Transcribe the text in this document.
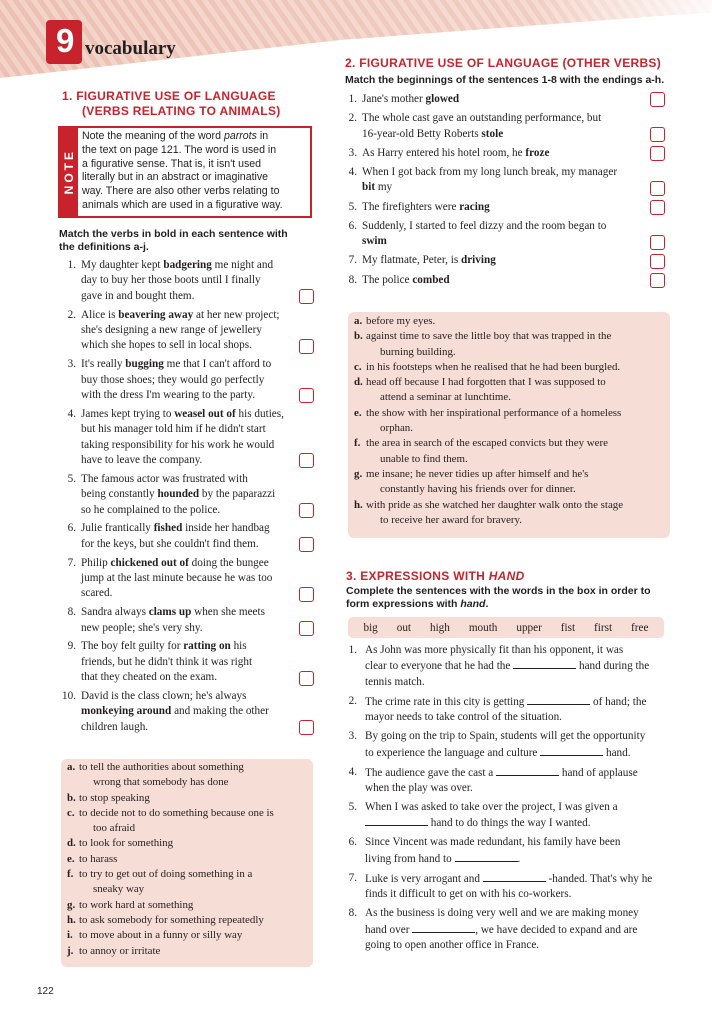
9 vocabulary
1. FIGURATIVE USE OF LANGUAGE
(VERBS RELATING TO ANIMALS)
NOTE
Note the meaning of the word parrots in
the text on page 121. The word is used in
a figurative sense. That is, it isn't used
literally but in an abstract or imaginative
way. There are also other verbs relating to
animals which are used in a figurative way.
Match the verbs in bold in each sentence with
the definitions a-j.
1. My daughter kept badgering me night and
day to buy her those boots until I finally
gave in and bought them.
2. Alice is beavering away at her new project;
she's designing a new range of jewellery
which she hopes to sell in local shops.
3. It's really bugging me that I can't afford to
buy those shoes; they would go perfectly
with the dress I'm wearing to the party.
4. James kept trying to weasel out of his duties,
but his manager told him if he didn't start
taking responsibility for his work he would
have to leave the company.
5. The famous actor was frustrated with
being constantly hounded by the paparazzi
so he complained to the police.
6. Julie frantically fished inside her handbag
for the keys, but she couldn't find them.
7. Philip chickened out of doing the bungee
jump at the last minute because he was too
scared.
8. Sandra always clams up when she meets
new people; she's very shy.
9. The boy felt guilty for ratting on his
friends, but he didn't think it was right
that they cheated on the exam.
10. David is the class clown; he's always
monkeying around and making the other
children laugh.
a. to tell the authorities about something
wrong that somebody has done
b. to stop speaking
c. to decide not to do something because one is
too afraid
d. to look for something
e. to harass
f. to try to get out of doing something in a
sneaky way
g. to work hard at something
h. to ask somebody for something repeatedly
i. to move about in a funny or silly way
j. to annoy or irritate
2. FIGURATIVE USE OF LANGUAGE (OTHER VERBS)
Match the beginnings of the sentences 1-8 with the endings a-h.
1. Jane's mother glowed
2. The whole cast gave an outstanding performance, but
16-year-old Betty Roberts stole
3. As Harry entered his hotel room, he froze
4. When I got back from my long lunch break, my manager
bit my
5. The firefighters were racing
6. Suddenly, I started to feel dizzy and the room began to
swim
7. My flatmate, Peter, is driving
8. The police combed
a. before my eyes.
b. against time to save the little boy that was trapped in the
burning building.
c. in his footsteps when he realised that he had been burgled.
d. head off because I had forgotten that I was supposed to
attend a seminar at lunchtime.
e. the show with her inspirational performance of a homeless
orphan.
f. the area in search of the escaped convicts but they were
unable to find them.
g. me insane; he never tidies up after himself and he's
constantly having his friends over for dinner.
h. with pride as she watched her daughter walk onto the stage
to receive her award for bravery.
3. EXPRESSIONS WITH HAND
Complete the sentences with the words in the box in order to
form expressions with hand.
big out high mouth upper fist first free
1. As John was more physically fit than his opponent, it was
clear to everyone that he had the	hand during the
tennis match.
2. The crime rate in this city is getting	of hand; the
mayor needs to take control of the situation.
3. By going on the trip to Spain, students will get the opportunity
to experience the language and culture	hand.
4. The audience gave the cast a	hand of applause
when the play was over.
5. When I was asked to take over the project, I was given a
hand to do things the way I wanted.
6. Since Vincent was made redundant, his family have been
living from hand to	.
7. Luke is very arrogant and	-handed. That's why he
finds it difficult to get on with his co-workers.
8. As the business is doing very well and we are making money
hand over	, we have decided to expand and are
going to open another office in France.
122
